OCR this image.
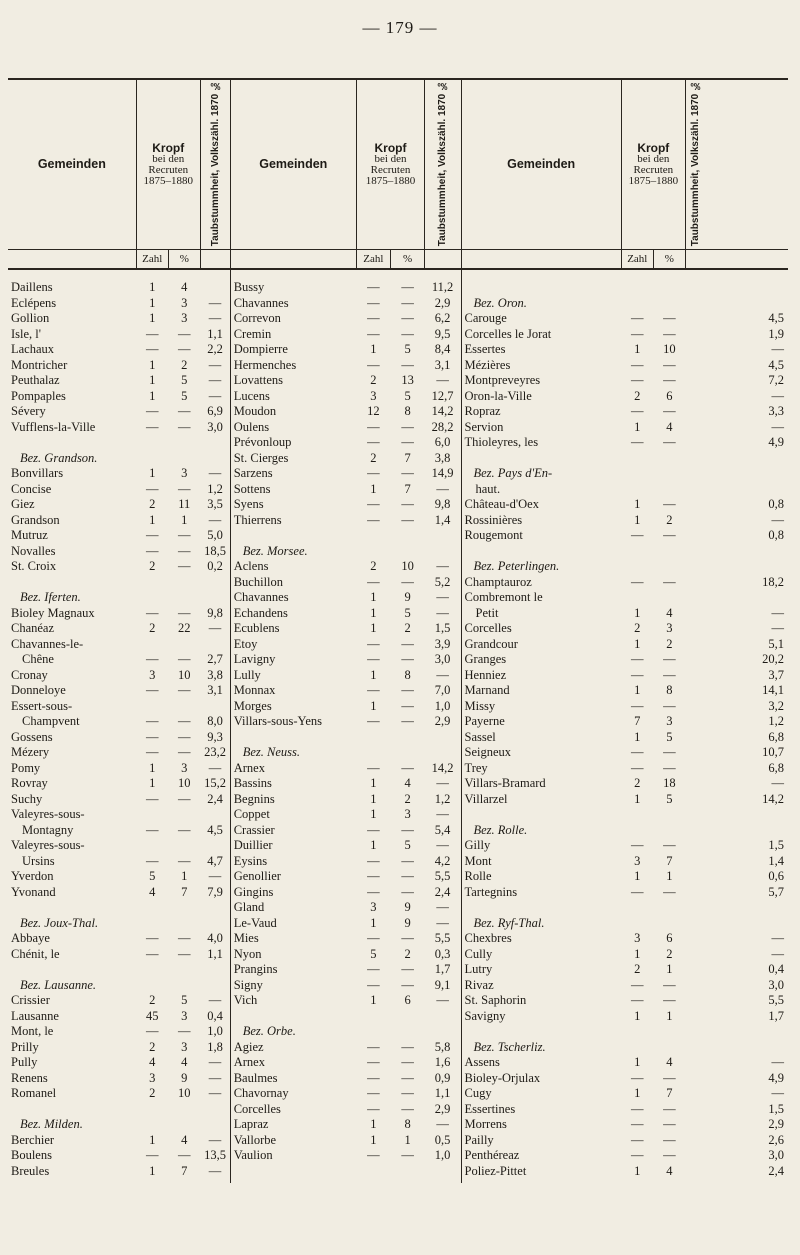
— 179 —
Gemeinden	Kropf
bei den Recruten 1875–1880		Taubstummheit, Volkszähl. 1870 ‰	Gemeinden	Kropf
bei den Recruten 1875–1880		Taubstummheit, Volkszähl. 1870 ‰	Gemeinden	Kropf
bei den Recruten 1875–1880		Taubstummheit, Volkszähl. 1870 ‰
	Zahl	%			Zahl	%			Zahl	%	
Daillens	1	4		Bussy	—	—	11,2				
Eclépens	1	3	—	Chavannes	—	—	2,9	Bez. Oron.			
Gollion	1	3	—	Correvon	—	—	6,2	Carouge	—	—	4,5
Isle, l'	—	—	1,1	Cremin	—	—	9,5	Corcelles le Jorat	—	—	1,9
Lachaux	—	—	2,2	Dompierre	1	5	8,4	Essertes	1	10	—
Montricher	1	2	—	Hermenches	—	—	3,1	Mézières	—	—	4,5
Peuthalaz	1	5	—	Lovattens	2	13	—	Montpreveyres	—	—	7,2
Pompaples	1	5	—	Lucens	3	5	12,7	Oron-la-Ville	2	6	—
Sévery	—	—	6,9	Moudon	12	8	14,2	Ropraz	—	—	3,3
Vufflens-la-Ville	—	—	3,0	Oulens	—	—	28,2	Servion	1	4	—
				Prévonloup	—	—	6,0	Thioleyres, les	—	—	4,9
Bez. Grandson.				St. Cierges	2	7	3,8				
Bonvillars	1	3	—	Sarzens	—	—	14,9	Bez. Pays d'En-			
Concise	—	—	1,2	Sottens	1	7	—	haut.			
Giez	2	11	3,5	Syens	—	—	9,8	Château-d'Oex	1	—	0,8
Grandson	1	1	—	Thierrens	—	—	1,4	Rossinières	1	2	—
Mutruz	—	—	5,0					Rougemont	—	—	0,8
Novalles	—	—	18,5	Bez. Morsee.							
St. Croix	2	—	0,2	Aclens	2	10	—	Bez. Peterlingen.			
				Buchillon	—	—	5,2	Champtauroz	—	—	18,2
Bez. Iferten.				Chavannes	1	9	—	Combremont le			
Bioley Magnaux	—	—	9,8	Echandens	1	5	—	Petit	1	4	—
Chanéaz	2	22	—	Ecublens	1	2	1,5	Corcelles	2	3	—
Chavannes-le-				Etoy	—	—	3,9	Grandcour	1	2	5,1
Chêne	—	—	2,7	Lavigny	—	—	3,0	Granges	—	—	20,2
Cronay	3	10	3,8	Lully	1	8	—	Henniez	—	—	3,7
Donneloye	—	—	3,1	Monnax	—	—	7,0	Marnand	1	8	14,1
Essert-sous-				Morges	1	—	1,0	Missy	—	—	3,2
Champvent	—	—	8,0	Villars-sous-Yens	—	—	2,9	Payerne	7	3	1,2
Gossens	—	—	9,3					Sassel	1	5	6,8
Mézery	—	—	23,2	Bez. Neuss.				Seigneux	—	—	10,7
Pomy	1	3	—	Arnex	—	—	14,2	Trey	—	—	6,8
Rovray	1	10	15,2	Bassins	1	4	—	Villars-Bramard	2	18	—
Suchy	—	—	2,4	Begnins	1	2	1,2	Villarzel	1	5	14,2
Valeyres-sous-				Coppet	1	3	—				
Montagny	—	—	4,5	Crassier	—	—	5,4	Bez. Rolle.			
Valeyres-sous-				Duillier	1	5	—	Gilly	—	—	1,5
Ursins	—	—	4,7	Eysins	—	—	4,2	Mont	3	7	1,4
Yverdon	5	1	—	Genollier	—	—	5,5	Rolle	1	1	0,6
Yvonand	4	7	7,9	Gingins	—	—	2,4	Tartegnins	—	—	5,7
				Gland	3	9	—				
Bez. Joux-Thal.				Le-Vaud	1	9	—	Bez. Ryf-Thal.			
Abbaye	—	—	4,0	Mies	—	—	5,5	Chexbres	3	6	—
Chénit, le	—	—	1,1	Nyon	5	2	0,3	Cully	1	2	—
				Prangins	—	—	1,7	Lutry	2	1	0,4
Bez. Lausanne.				Signy	—	—	9,1	Rivaz	—	—	3,0
Crissier	2	5	—	Vich	1	6	—	St. Saphorin	—	—	5,5
Lausanne	45	3	0,4					Savigny	1	1	1,7
Mont, le	—	—	1,0	Bez. Orbe.							
Prilly	2	3	1,8	Agiez	—	—	5,8	Bez. Tscherliz.			
Pully	4	4	—	Arnex	—	—	1,6	Assens	1	4	—
Renens	3	9	—	Baulmes	—	—	0,9	Bioley-Orjulax	—	—	4,9
Romanel	2	10	—	Chavornay	—	—	1,1	Cugy	1	7	—
				Corcelles	—	—	2,9	Essertines	—	—	1,5
Bez. Milden.				Lapraz	1	8	—	Morrens	—	—	2,9
Berchier	1	4	—	Vallorbe	1	1	0,5	Pailly	—	—	2,6
Boulens	—	—	13,5	Vaulion	—	—	1,0	Penthéreaz	—	—	3,0
Breules	1	7	—					Poliez-Pittet	1	4	2,4
